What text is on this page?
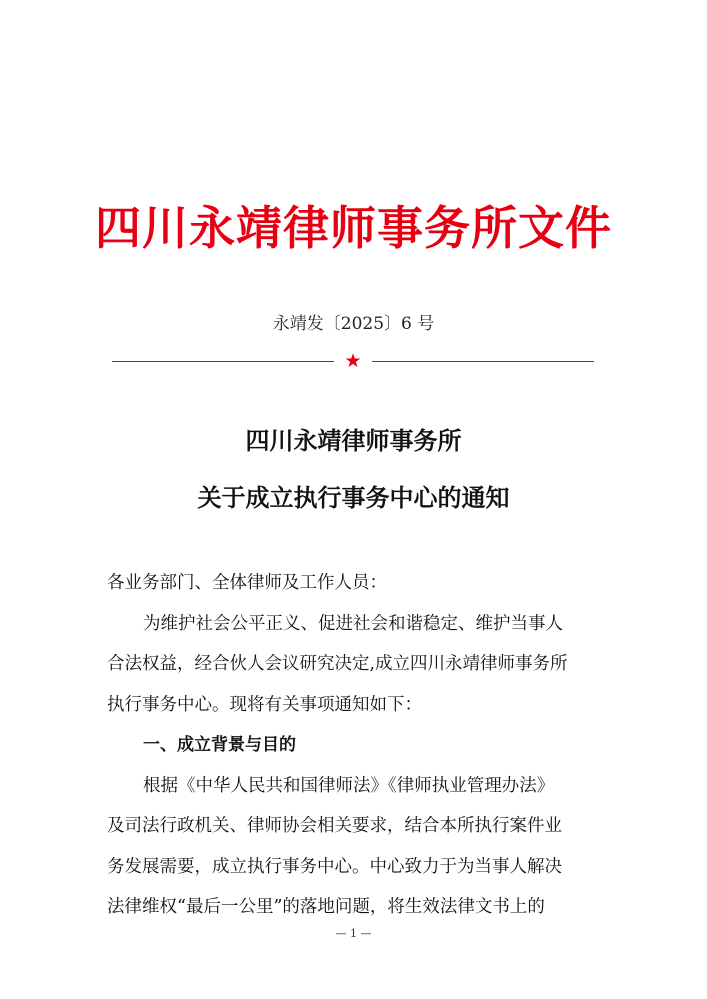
四川永靖律师事务所文件
永靖发〔2025〕6 号
★
四川永靖律师事务所
关于成立执行事务中心的通知
各业务部门、全体律师及工作人员：
为维护社会公平正义、促进社会和谐稳定、维护当事人
合法权益，经合伙人会议研究决定,成立四川永靖律师事务所
执行事务中心。现将有关事项通知如下：
一、成立背景与目的
根据《中华人民共和国律师法》《律师执业管理办法》
及司法行政机关、律师协会相关要求，结合本所执行案件业
务发展需要，成立执行事务中心。中心致力于为当事人解决
法律维权“最后一公里”的落地问题，将生效法律文书上的
— 1 —
